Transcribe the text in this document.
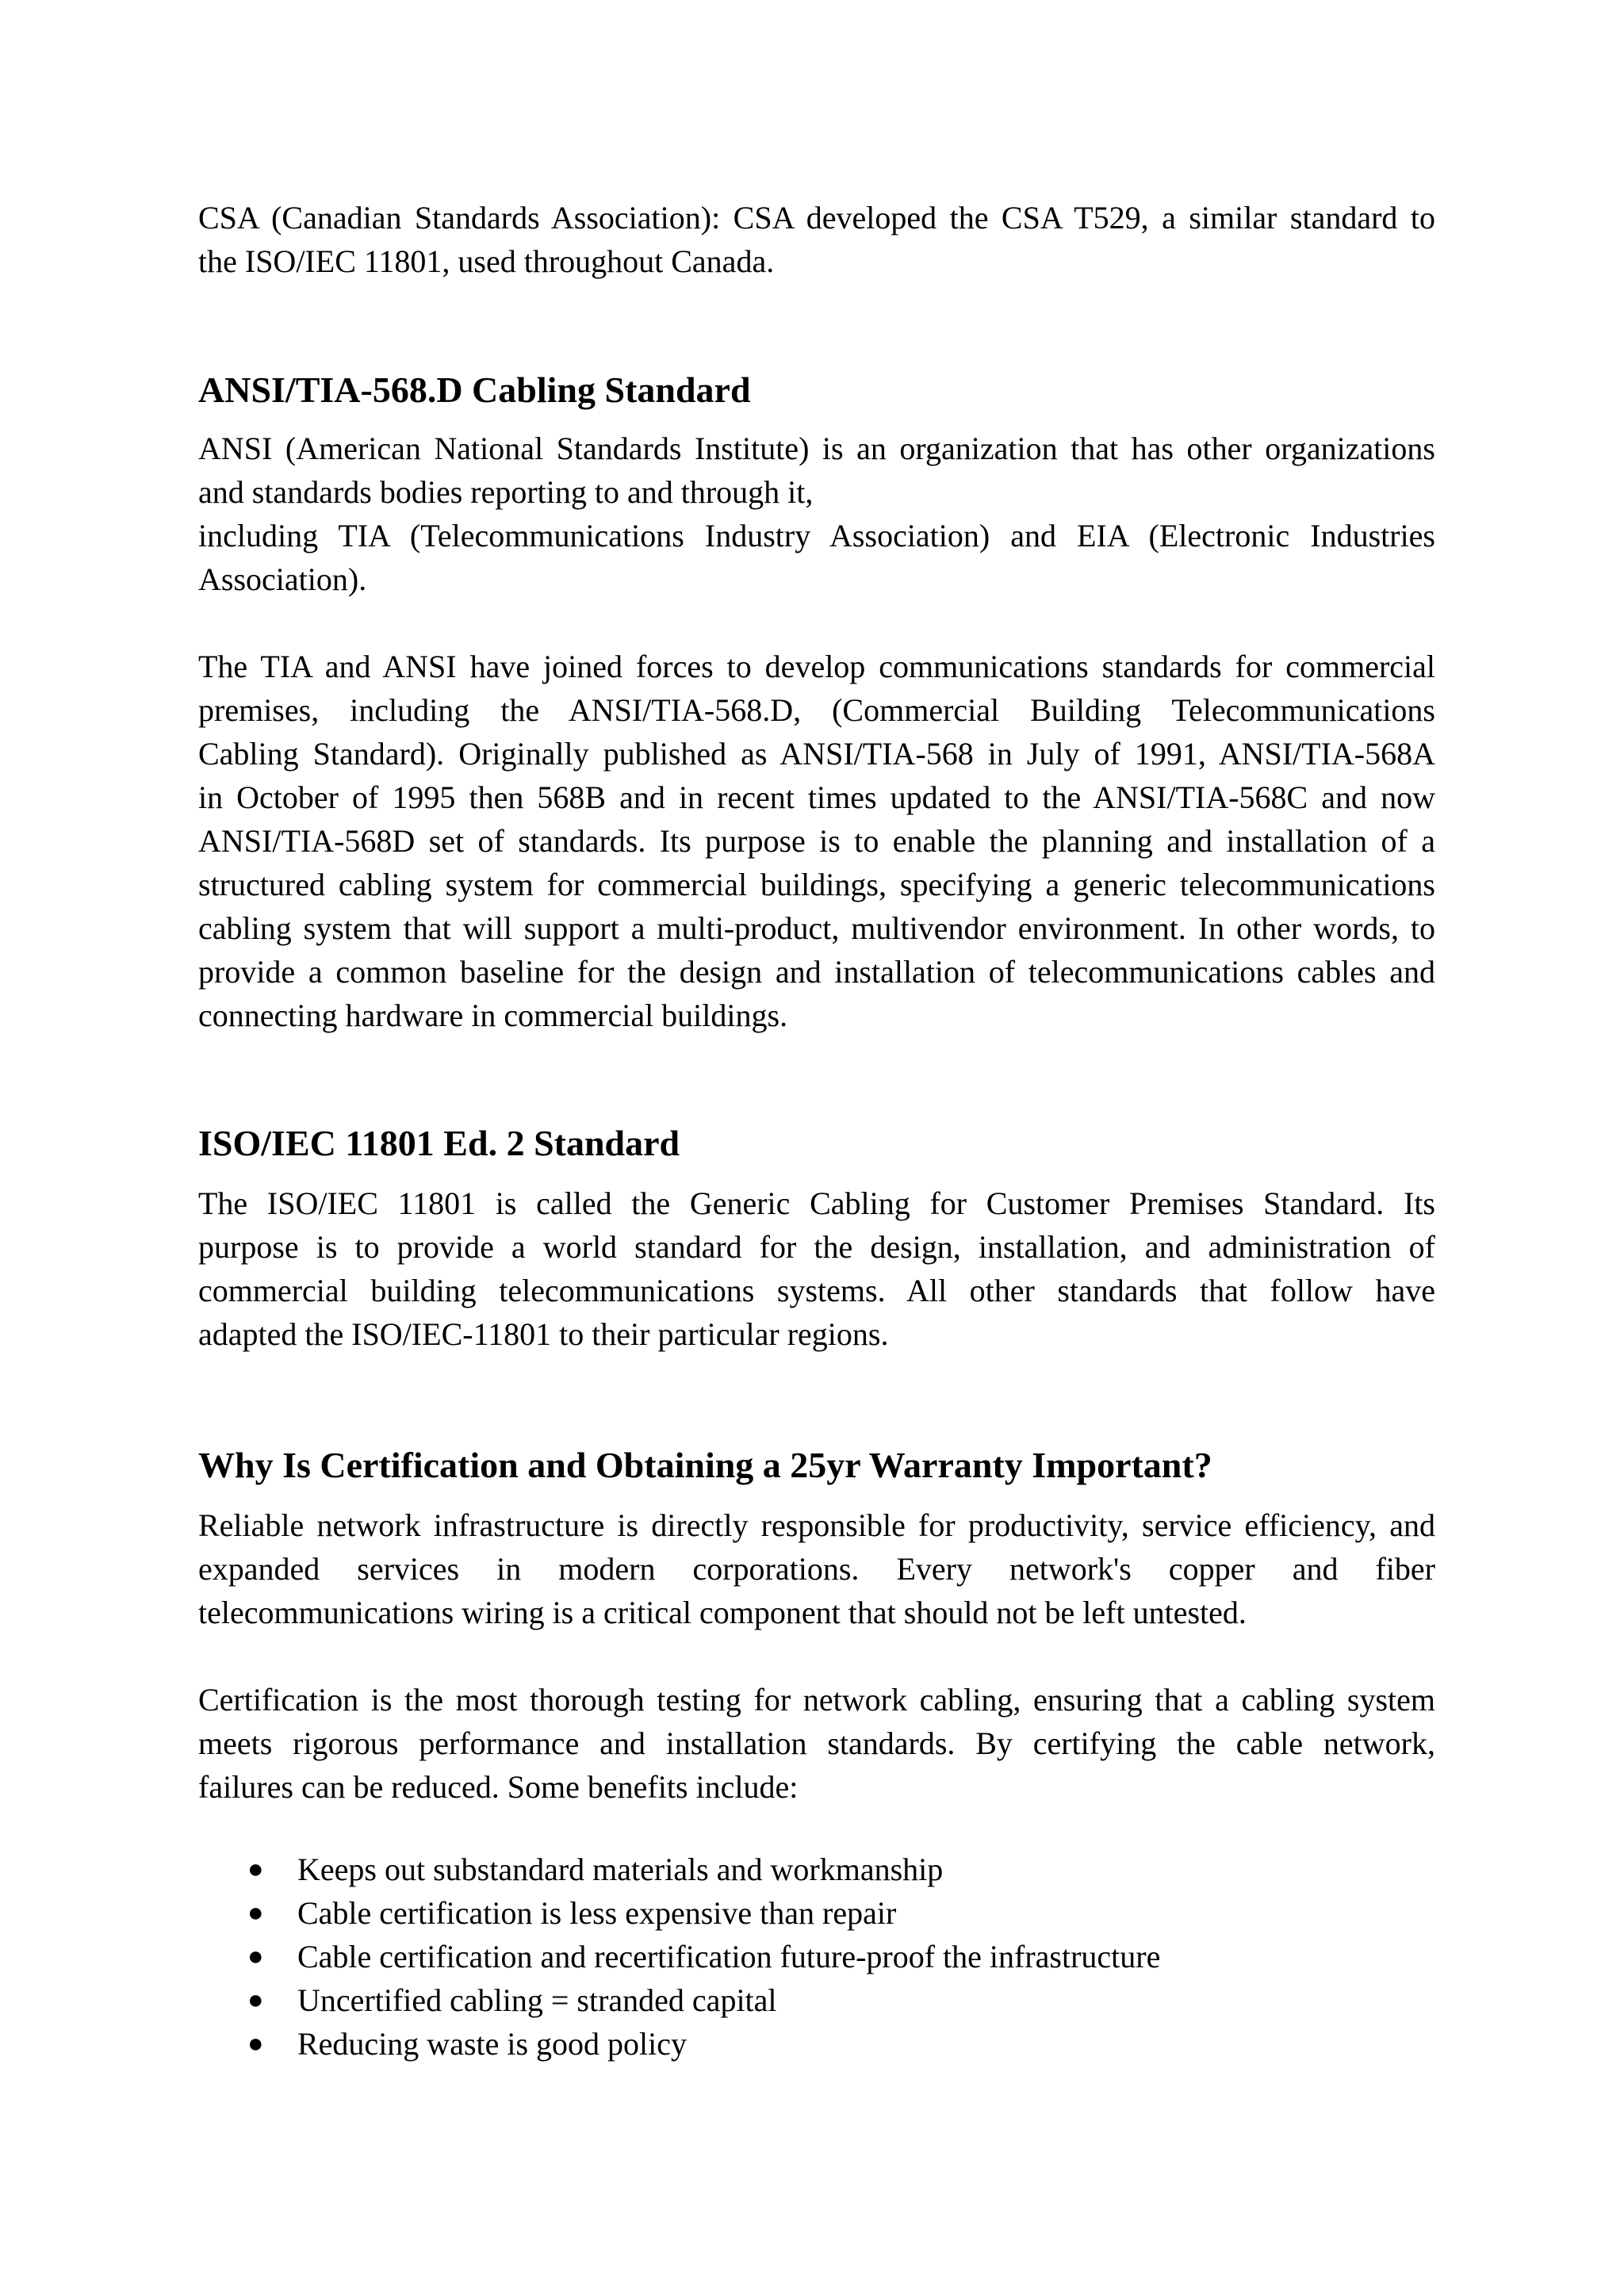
CSA (Canadian Standards Association): CSA developed the CSA T529, a similar standard to
the ISO/IEC 11801, used throughout Canada.

ANSI/TIA-568.D Cabling Standard

ANSI (American National Standards Institute) is an organization that has other organizations
and standards bodies reporting to and through it,
including TIA (Telecommunications Industry Association) and EIA (Electronic Industries
Association).

The TIA and ANSI have joined forces to develop communications standards for commercial
premises, including the ANSI/TIA-568.D, (Commercial Building Telecommunications
Cabling Standard). Originally published as ANSI/TIA-568 in July of 1991, ANSI/TIA-568A
in October of 1995 then 568B and in recent times updated to the ANSI/TIA-568C and now
ANSI/TIA-568D set of standards. Its purpose is to enable the planning and installation of a
structured cabling system for commercial buildings, specifying a generic telecommunications
cabling system that will support a multi-product, multivendor environment. In other words, to
provide a common baseline for the design and installation of telecommunications cables and
connecting hardware in commercial buildings.

ISO/IEC 11801 Ed. 2 Standard

The ISO/IEC 11801 is called the Generic Cabling for Customer Premises Standard. Its
purpose is to provide a world standard for the design, installation, and administration of
commercial building telecommunications systems. All other standards that follow have
adapted the ISO/IEC-11801 to their particular regions.

Why Is Certification and Obtaining a 25yr Warranty Important?

Reliable network infrastructure is directly responsible for productivity, service efficiency, and
expanded services in modern corporations. Every network's copper and fiber
telecommunications wiring is a critical component that should not be left untested.

Certification is the most thorough testing for network cabling, ensuring that a cabling system
meets rigorous performance and installation standards. By certifying the cable network,
failures can be reduced. Some benefits include:

● Keeps out substandard materials and workmanship
● Cable certification is less expensive than repair
● Cable certification and recertification future-proof the infrastructure
● Uncertified cabling = stranded capital
● Reducing waste is good policy
